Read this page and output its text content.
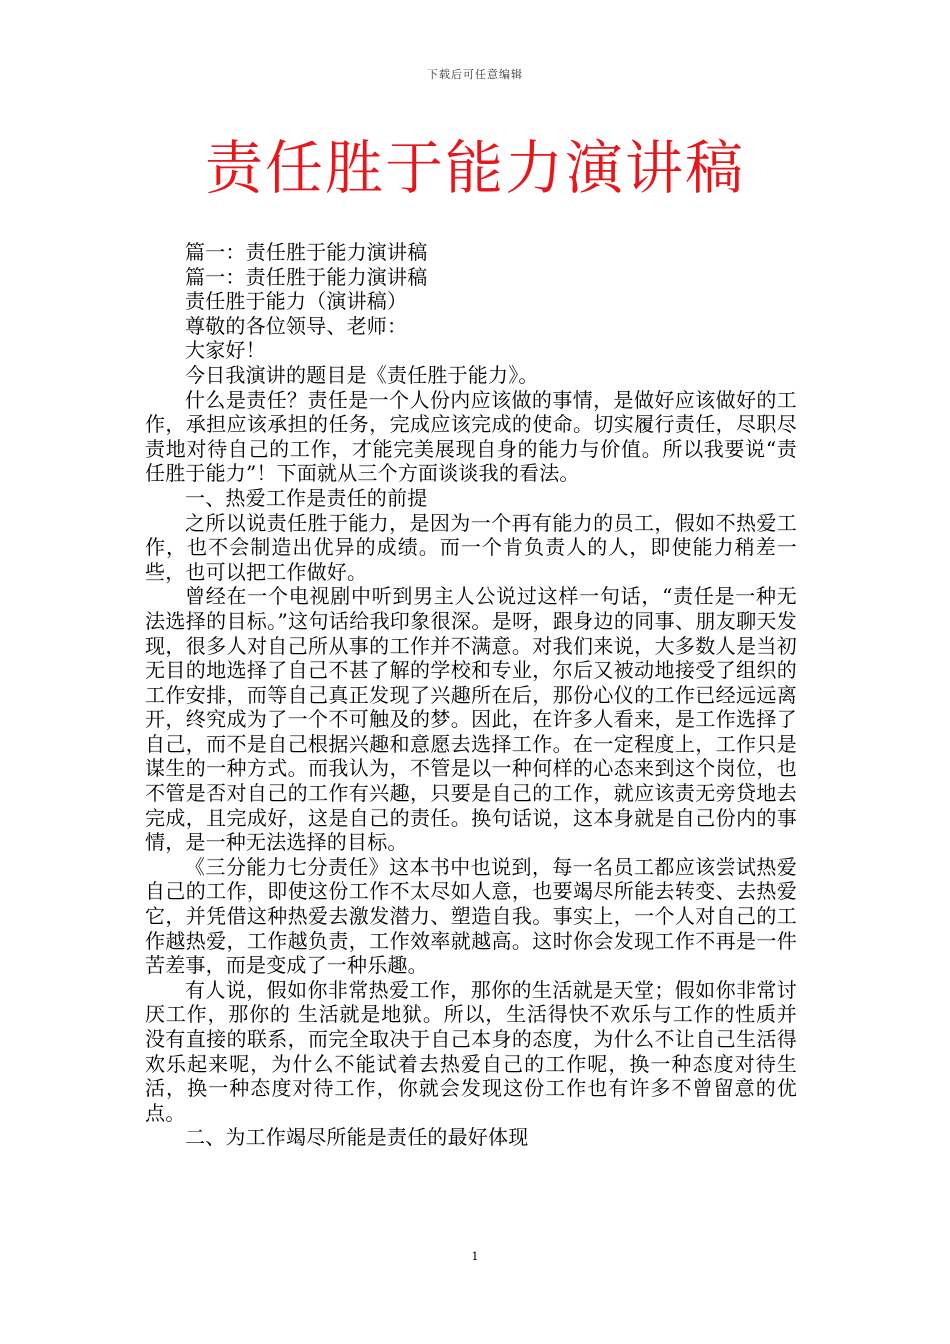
下载后可任意编辑
责任胜于能力演讲稿

篇一：责任胜于能力演讲稿

篇一：责任胜于能力演讲稿

责任胜于能力（演讲稿）

尊敬的各位领导、老师：

大家好！

今日我演讲的题目是《责任胜于能力》。

什么是责任？责任是一个人份内应该做的事情，是做好应该做好的工作，承担应该承担的任务，完成应该完成的使命。切实履行责任，尽职尽责地对待自己的工作，才能完美展现自身的能力与价值。所以我要说“责任胜于能力”！下面就从三个方面谈谈我的看法。

一、热爱工作是责任的前提

之所以说责任胜于能力，是因为一个再有能力的员工，假如不热爱工作，也不会制造出优异的成绩。而一个肯负责人的人，即使能力稍差一些，也可以把工作做好。

曾经在一个电视剧中听到男主人公说过这样一句话，“责任是一种无法选择的目标。”这句话给我印象很深。是呀，跟身边的同事、朋友聊天发现，很多人对自己所从事的工作并不满意。对我们来说，大多数人是当初无目的地选择了自己不甚了解的学校和专业，尔后又被动地接受了组织的工作安排，而等自己真正发现了兴趣所在后，那份心仪的工作已经远远离开，终究成为了一个不可触及的梦。因此，在许多人看来，是工作选择了自己，而不是自己根据兴趣和意愿去选择工作。在一定程度上，工作只是谋生的一种方式。而我认为，不管是以一种何样的心态来到这个岗位，也不管是否对自己的工作有兴趣，只要是自己的工作，就应该责无旁贷地去完成，且完成好，这是自己的责任。换句话说，这本身就是自己份内的事情，是一种无法选择的目标。

《三分能力七分责任》这本书中也说到，每一名员工都应该尝试热爱自己的工作，即使这份工作不太尽如人意，也要竭尽所能去转变、去热爱它，并凭借这种热爱去激发潜力、塑造自我。事实上，一个人对自己的工作越热爱，工作越负责，工作效率就越高。这时你会发现工作不再是一件苦差事，而是变成了一种乐趣。

有人说，假如你非常热爱工作，那你的生活就是天堂；假如你非常讨厌工作，那你的 生活就是地狱。所以，生活得快不欢乐与工作的性质并没有直接的联系，而完全取决于自己本身的态度，为什么不让自己生活得欢乐起来呢，为什么不能试着去热爱自己的工作呢，换一种态度对待生活，换一种态度对待工作，你就会发现这份工作也有许多不曾留意的优点。

二、为工作竭尽所能是责任的最好体现

1
